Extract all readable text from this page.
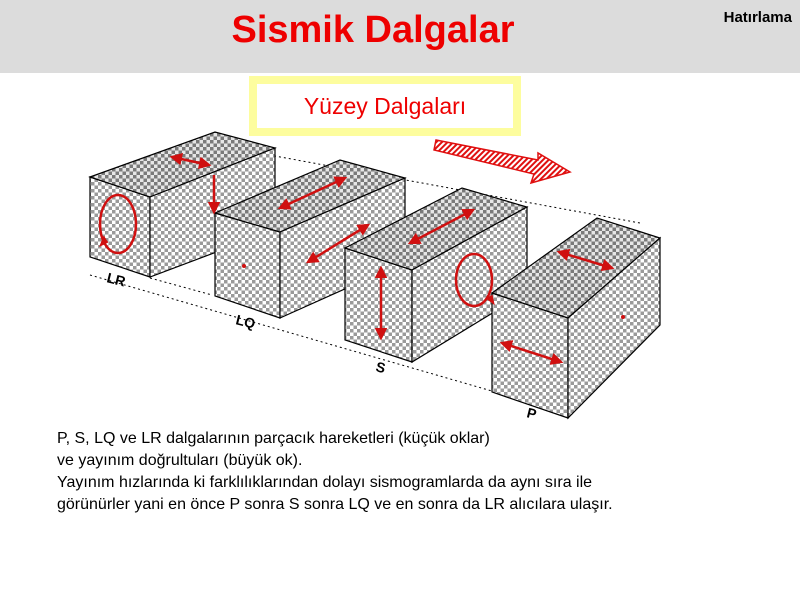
Sismik Dalgalar	Hatırlama
Yüzey Dalgaları
LR
LQ
S
P
P, S, LQ ve LR dalgalarının parçacık hareketleri (küçük oklar)
ve yayınım doğrultuları (büyük ok).
Yayınım hızlarında ki farklılıklarından dolayı sismogramlarda da aynı sıra ile
görünürler yani en önce P sonra S sonra LQ ve en sonra da LR alıcılara ulaşır.
